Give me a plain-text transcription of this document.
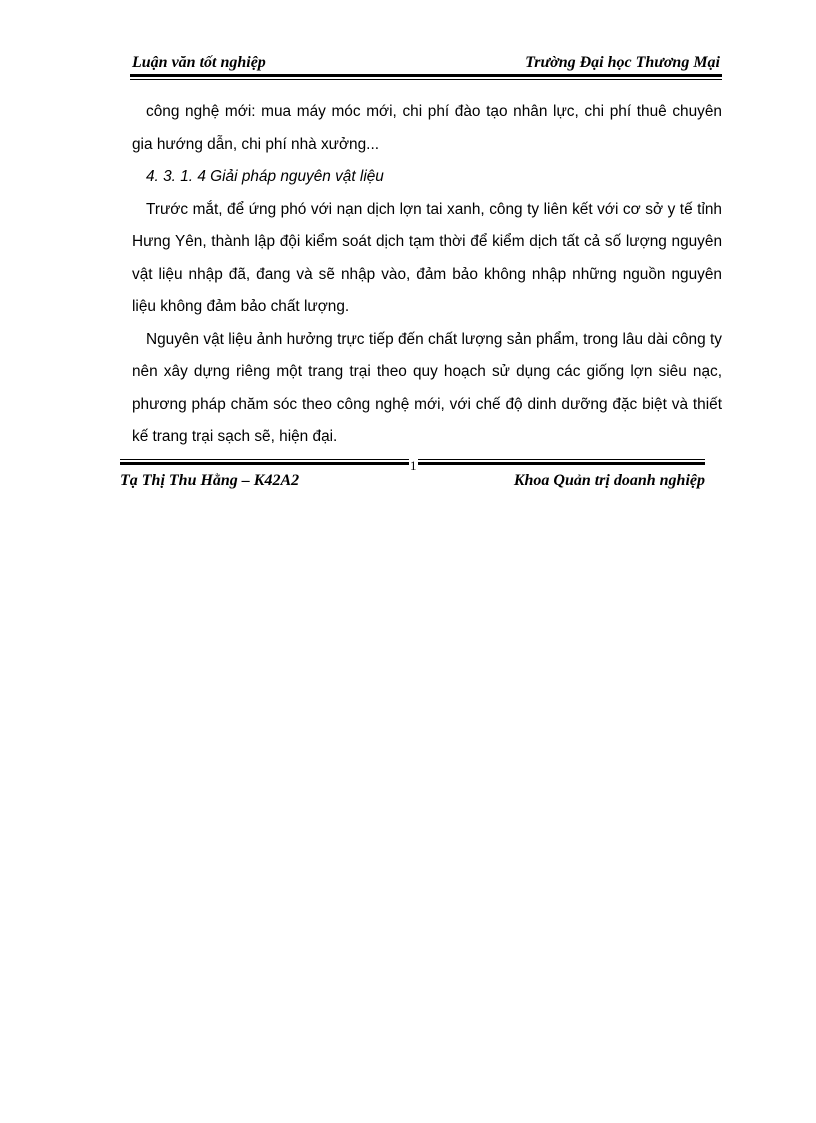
Luận văn tốt nghiệp	Trường Đại học Thương Mại

công nghệ mới: mua máy móc mới, chi phí đào tạo nhân lực, chi phí thuê chuyên gia hướng dẫn, chi phí nhà xưởng...

4. 3. 1. 4 Giải pháp nguyên vật liệu

Trước mắt, để ứng phó với nạn dịch lợn tai xanh, công ty liên kết với cơ sở y tế tỉnh Hưng Yên, thành lập đội kiểm soát dịch tạm thời để kiểm dịch tất cả số lượng nguyên vật liệu nhập đã, đang và sẽ nhập vào, đảm bảo không nhập những nguồn nguyên liệu không đảm bảo chất lượng.

Nguyên vật liệu ảnh hưởng trực tiếp đến chất lượng sản phẩm, trong lâu dài công ty nên xây dựng riêng một trang trại theo quy hoạch sử dụng các giống lợn siêu nạc, phương pháp chăm sóc theo công nghệ mới, với chế độ dinh dưỡng đặc biệt và thiết kế trang trại sạch sẽ, hiện đại.

1
Tạ Thị Thu Hằng – K42A2	Khoa Quản trị doanh nghiệp
